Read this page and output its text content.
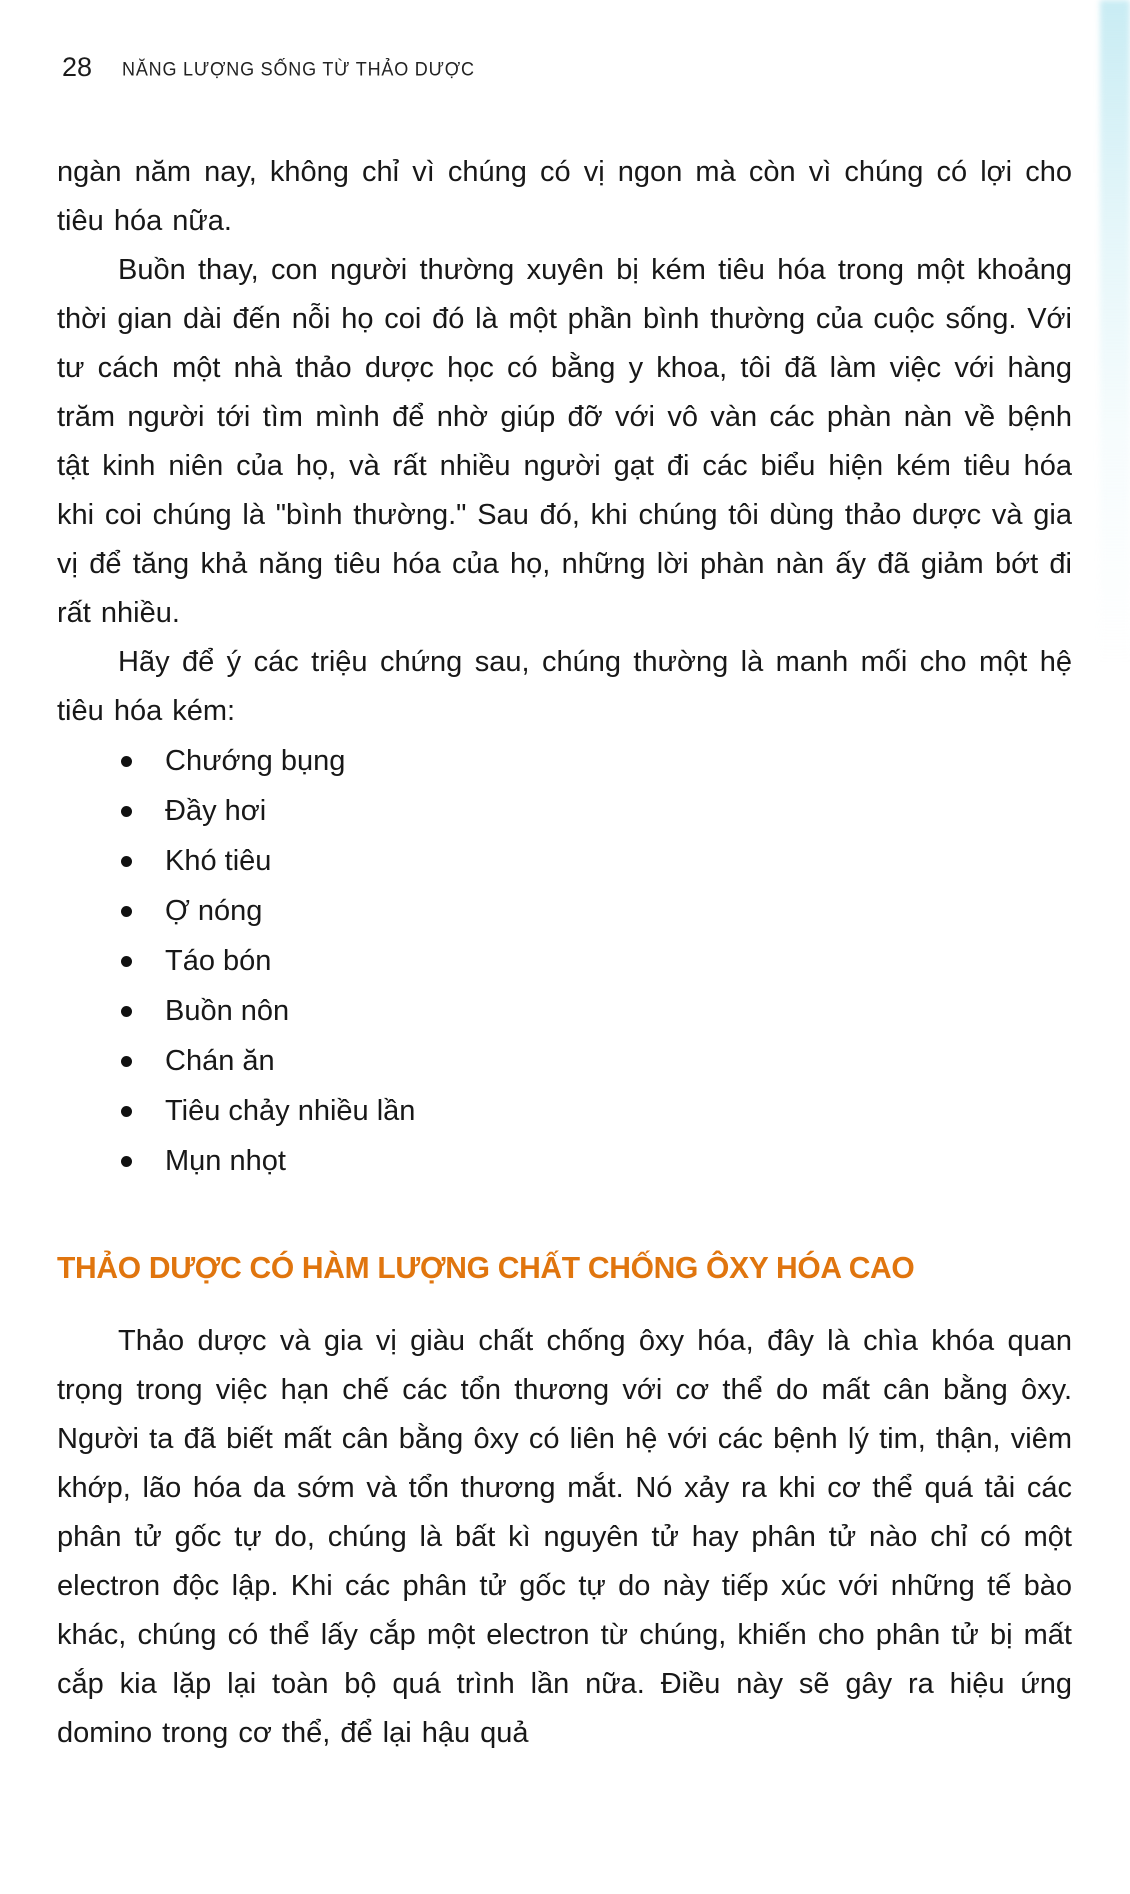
28 NĂNG LƯỢNG SỐNG TỪ THẢO DƯỢC

ngàn năm nay, không chỉ vì chúng có vị ngon mà còn vì chúng có lợi cho tiêu hóa nữa.

Buồn thay, con người thường xuyên bị kém tiêu hóa trong một khoảng thời gian dài đến nỗi họ coi đó là một phần bình thường của cuộc sống. Với tư cách một nhà thảo dược học có bằng y khoa, tôi đã làm việc với hàng trăm người tới tìm mình để nhờ giúp đỡ với vô vàn các phàn nàn về bệnh tật kinh niên của họ, và rất nhiều người gạt đi các biểu hiện kém tiêu hóa khi coi chúng là "bình thường." Sau đó, khi chúng tôi dùng thảo dược và gia vị để tăng khả năng tiêu hóa của họ, những lời phàn nàn ấy đã giảm bớt đi rất nhiều.

Hãy để ý các triệu chứng sau, chúng thường là manh mối cho một hệ tiêu hóa kém:

Chướng bụng
Đầy hơi
Khó tiêu
Ợ nóng
Táo bón
Buồn nôn
Chán ăn
Tiêu chảy nhiều lần
Mụn nhọt
THẢO DƯỢC CÓ HÀM LƯỢNG CHẤT CHỐNG ÔXY HÓA CAO

Thảo dược và gia vị giàu chất chống ôxy hóa, đây là chìa khóa quan trọng trong việc hạn chế các tổn thương với cơ thể do mất cân bằng ôxy. Người ta đã biết mất cân bằng ôxy có liên hệ với các bệnh lý tim, thận, viêm khớp, lão hóa da sớm và tổn thương mắt. Nó xảy ra khi cơ thể quá tải các phân tử gốc tự do, chúng là bất kì nguyên tử hay phân tử nào chỉ có một electron độc lập. Khi các phân tử gốc tự do này tiếp xúc với những tế bào khác, chúng có thể lấy cắp một electron từ chúng, khiến cho phân tử bị mất cắp kia lặp lại toàn bộ quá trình lần nữa. Điều này sẽ gây ra hiệu ứng domino trong cơ thể, để lại hậu quả
